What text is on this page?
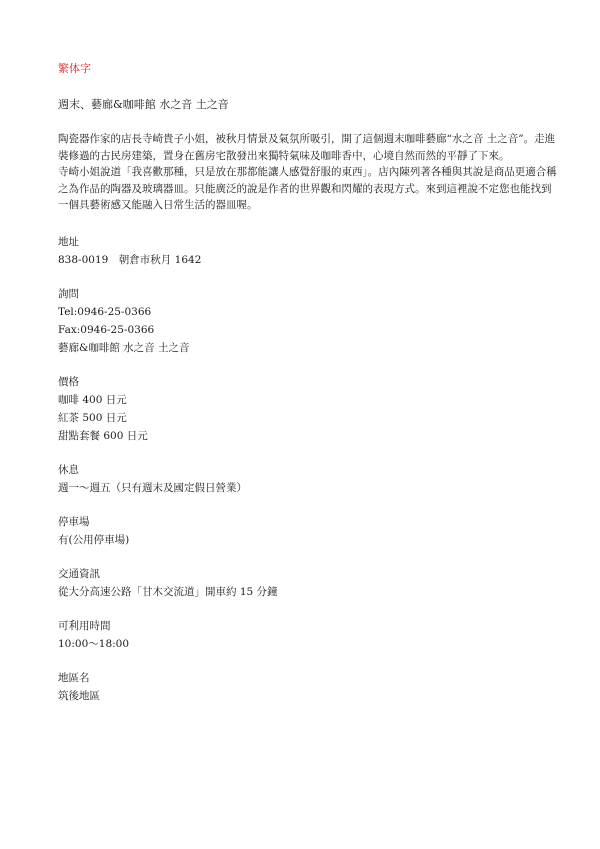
繁体字
週末、藝廊&咖啡館 水之音 土之音

陶瓷器作家的店長寺崎貴子小姐，被秋月情景及氣氛所吸引，開了這個週末咖啡藝廊“水之音 土之音”。走進裝修過的古民房建築，置身在舊房宅散發出來獨特氣味及咖啡香中，心境自然而然的平靜了下來。

寺崎小姐說道「我喜歡那種，只是放在那都能讓人感覺舒服的東西」。店內陳列著各種與其說是商品更適合稱之為作品的陶器及玻璃器皿。只能廣泛的說是作者的世界觀和閃耀的表現方式。來到這裡說不定您也能找到一個具藝術感又能融入日常生活的器皿喔。

地址
838-0019　朝倉市秋月 1642
詢問
Tel:0946-25-0366
Fax:0946-25-0366
藝廊&咖啡館 水之音 土之音
價格
咖啡 400 日元
紅茶 500 日元
甜點套餐 600 日元
休息
週一～週五（只有週末及國定假日營業）
停車場
有(公用停車場)
交通資訊
從大分高速公路「甘木交流道」開車約 15 分鐘
可利用時間
10:00～18:00
地區名
筑後地區
